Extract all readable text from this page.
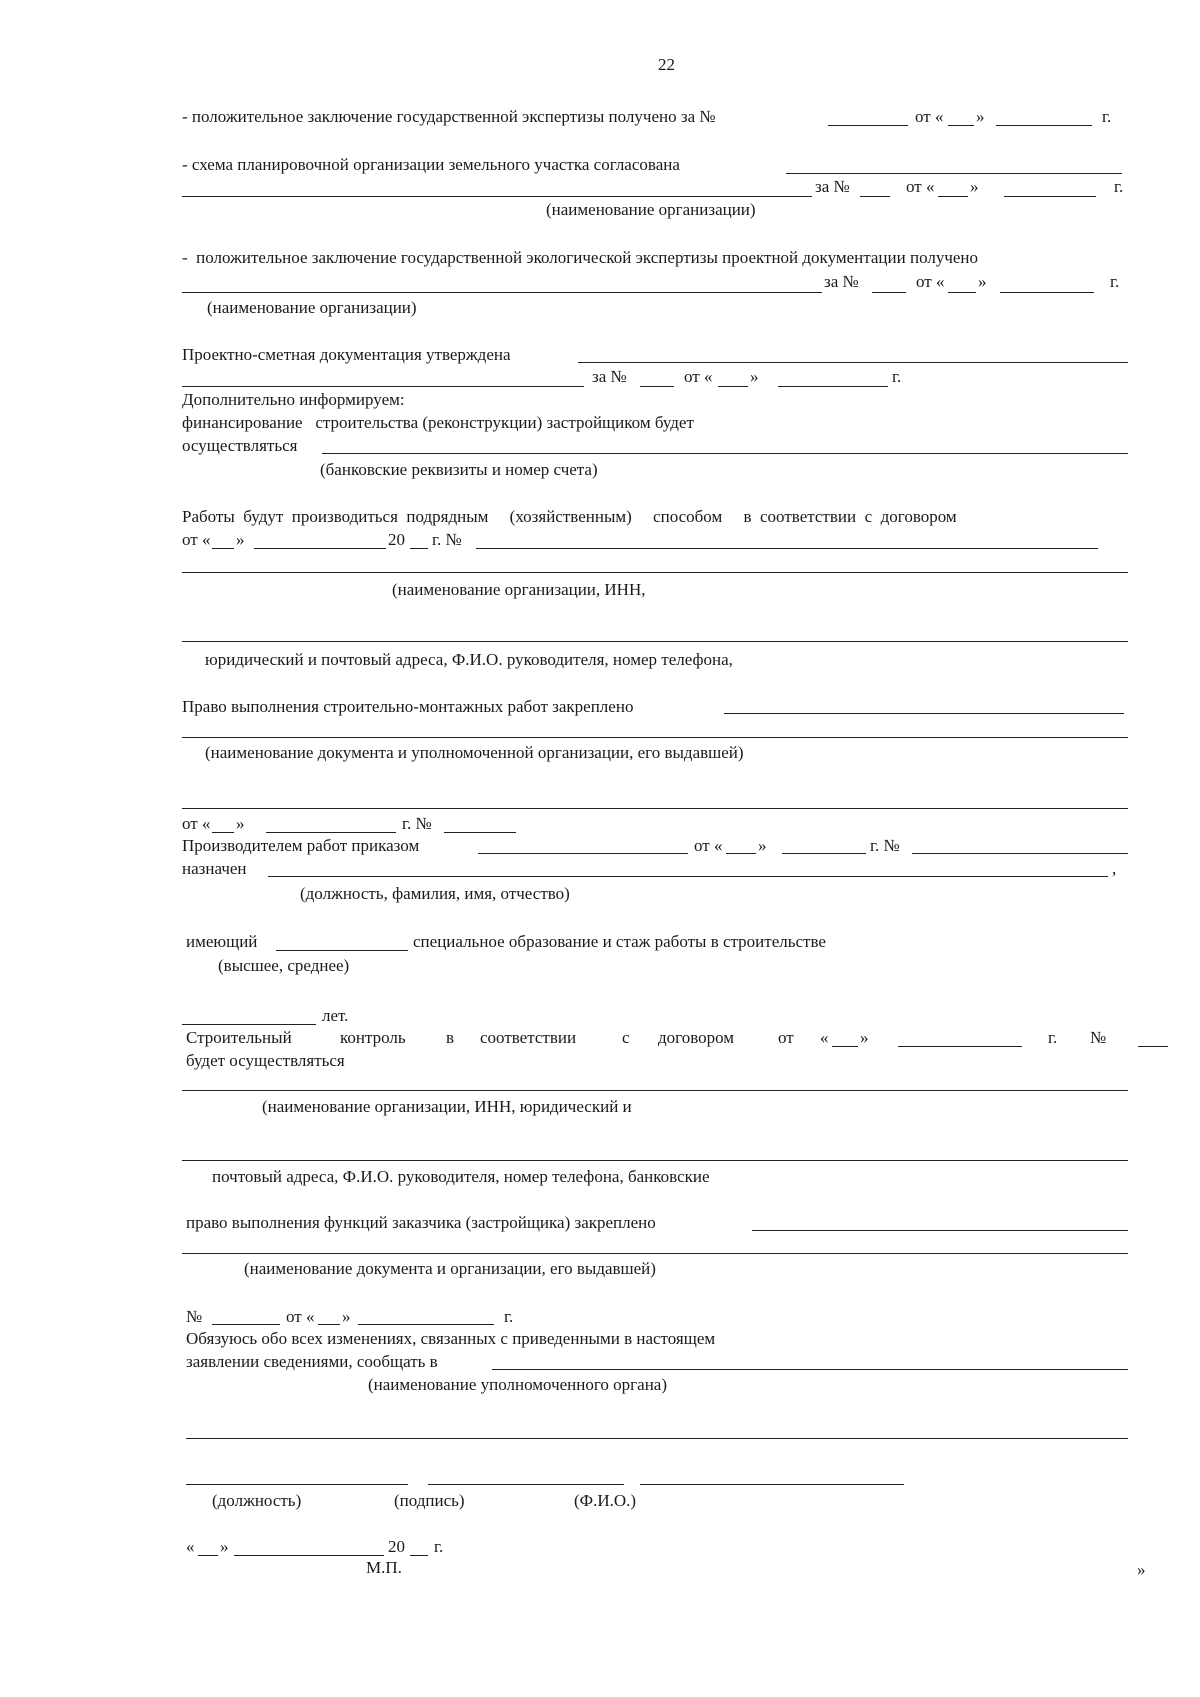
22
- положительное заключение государственной экспертизы получено за №	от « »	г.
- схема планировочной организации земельного участка согласована
за №	от « »	г.
(наименование организации)
-  положительное заключение государственной экологической экспертизы проектной документации получено
за №	от « »	г.
(наименование организации)
Проектно-сметная документация утверждена
за №	от « »	г.
Дополнительно информируем:
финансирование   строительства (реконструкции) застройщиком будет
осуществляться
(банковские реквизиты и номер счета)
Работы  будут  производиться  подрядным     (хозяйственным)     способом     в  соответствии  с  договором
от « »	20 г. №
(наименование организации, ИНН,
юридический и почтовый адреса, Ф.И.О. руководителя, номер телефона,
Право выполнения строительно-монтажных работ закреплено
(наименование документа и уполномоченной организации, его выдавшей)
от « »	г. №
Производителем работ приказом	от « »	г. №
назначен	,
(должность, фамилия, имя, отчество)
имеющий	специальное образование и стаж работы в строительстве
(высшее, среднее)
лет.
Строительный	контроль в соответствии	с договором	от « »	г. №
будет осуществляться
(наименование организации, ИНН, юридический и
почтовый адреса, Ф.И.О. руководителя, номер телефона, банковские
право выполнения функций заказчика (застройщика) закреплено
(наименование документа и организации, его выдавшей)
№	от « »	г.
Обязуюсь обо всех изменениях, связанных с приведенными в настоящем
заявлении сведениями, сообщать в
(наименование уполномоченного органа)
(должность)	(подпись)	(Ф.И.О.)
« »	20 г.
М.П.	»
